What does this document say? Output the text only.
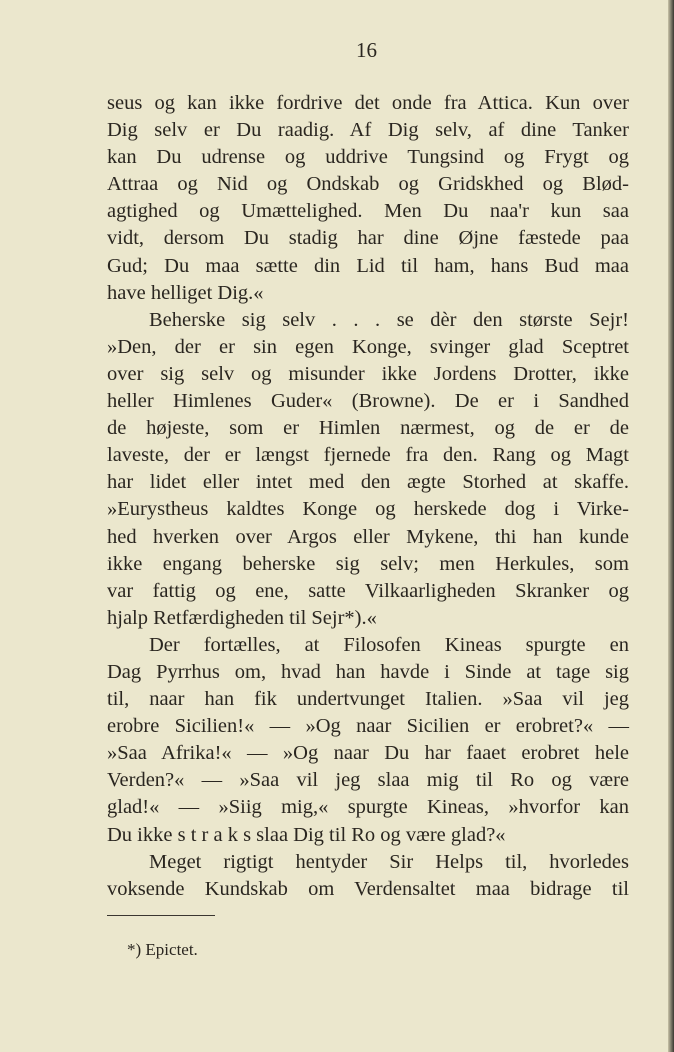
16
seus og kan ikke fordrive det onde fra Attica. Kun over
Dig selv er Du raadig. Af Dig selv, af dine Tanker
kan Du udrense og uddrive Tungsind og Frygt og
Attraa og Nid og Ondskab og Gridskhed og Blød-
agtighed og Umættelighed. Men Du naa'r kun saa
vidt, dersom Du stadig har dine Øjne fæstede paa
Gud; Du maa sætte din Lid til ham, hans Bud maa
have helliget Dig.«
Beherske sig selv . . . se dèr den største Sejr!
»Den, der er sin egen Konge, svinger glad Sceptret
over sig selv og misunder ikke Jordens Drotter, ikke
heller Himlenes Guder« (Browne). De er i Sandhed
de højeste, som er Himlen nærmest, og de er de
laveste, der er længst fjernede fra den. Rang og Magt
har lidet eller intet med den ægte Storhed at skaffe.
»Eurystheus kaldtes Konge og herskede dog i Virke-
hed hverken over Argos eller Mykene, thi han kunde
ikke engang beherske sig selv; men Herkules, som
var fattig og ene, satte Vilkaarligheden Skranker og
hjalp Retfærdigheden til Sejr*).«
Der fortælles, at Filosofen Kineas spurgte en
Dag Pyrrhus om, hvad han havde i Sinde at tage sig
til, naar han fik undertvunget Italien. »Saa vil jeg
erobre Sicilien!« — »Og naar Sicilien er erobret?« —
»Saa Afrika!« — »Og naar Du har faaet erobret hele
Verden?« — »Saa vil jeg slaa mig til Ro og være
glad!« — »Siig mig,« spurgte Kineas, »hvorfor kan
Du ikke s t r a k s slaa Dig til Ro og være glad?«
Meget rigtigt hentyder Sir Helps til, hvorledes
voksende Kundskab om Verdensaltet maa bidrage til
*) Epictet.
